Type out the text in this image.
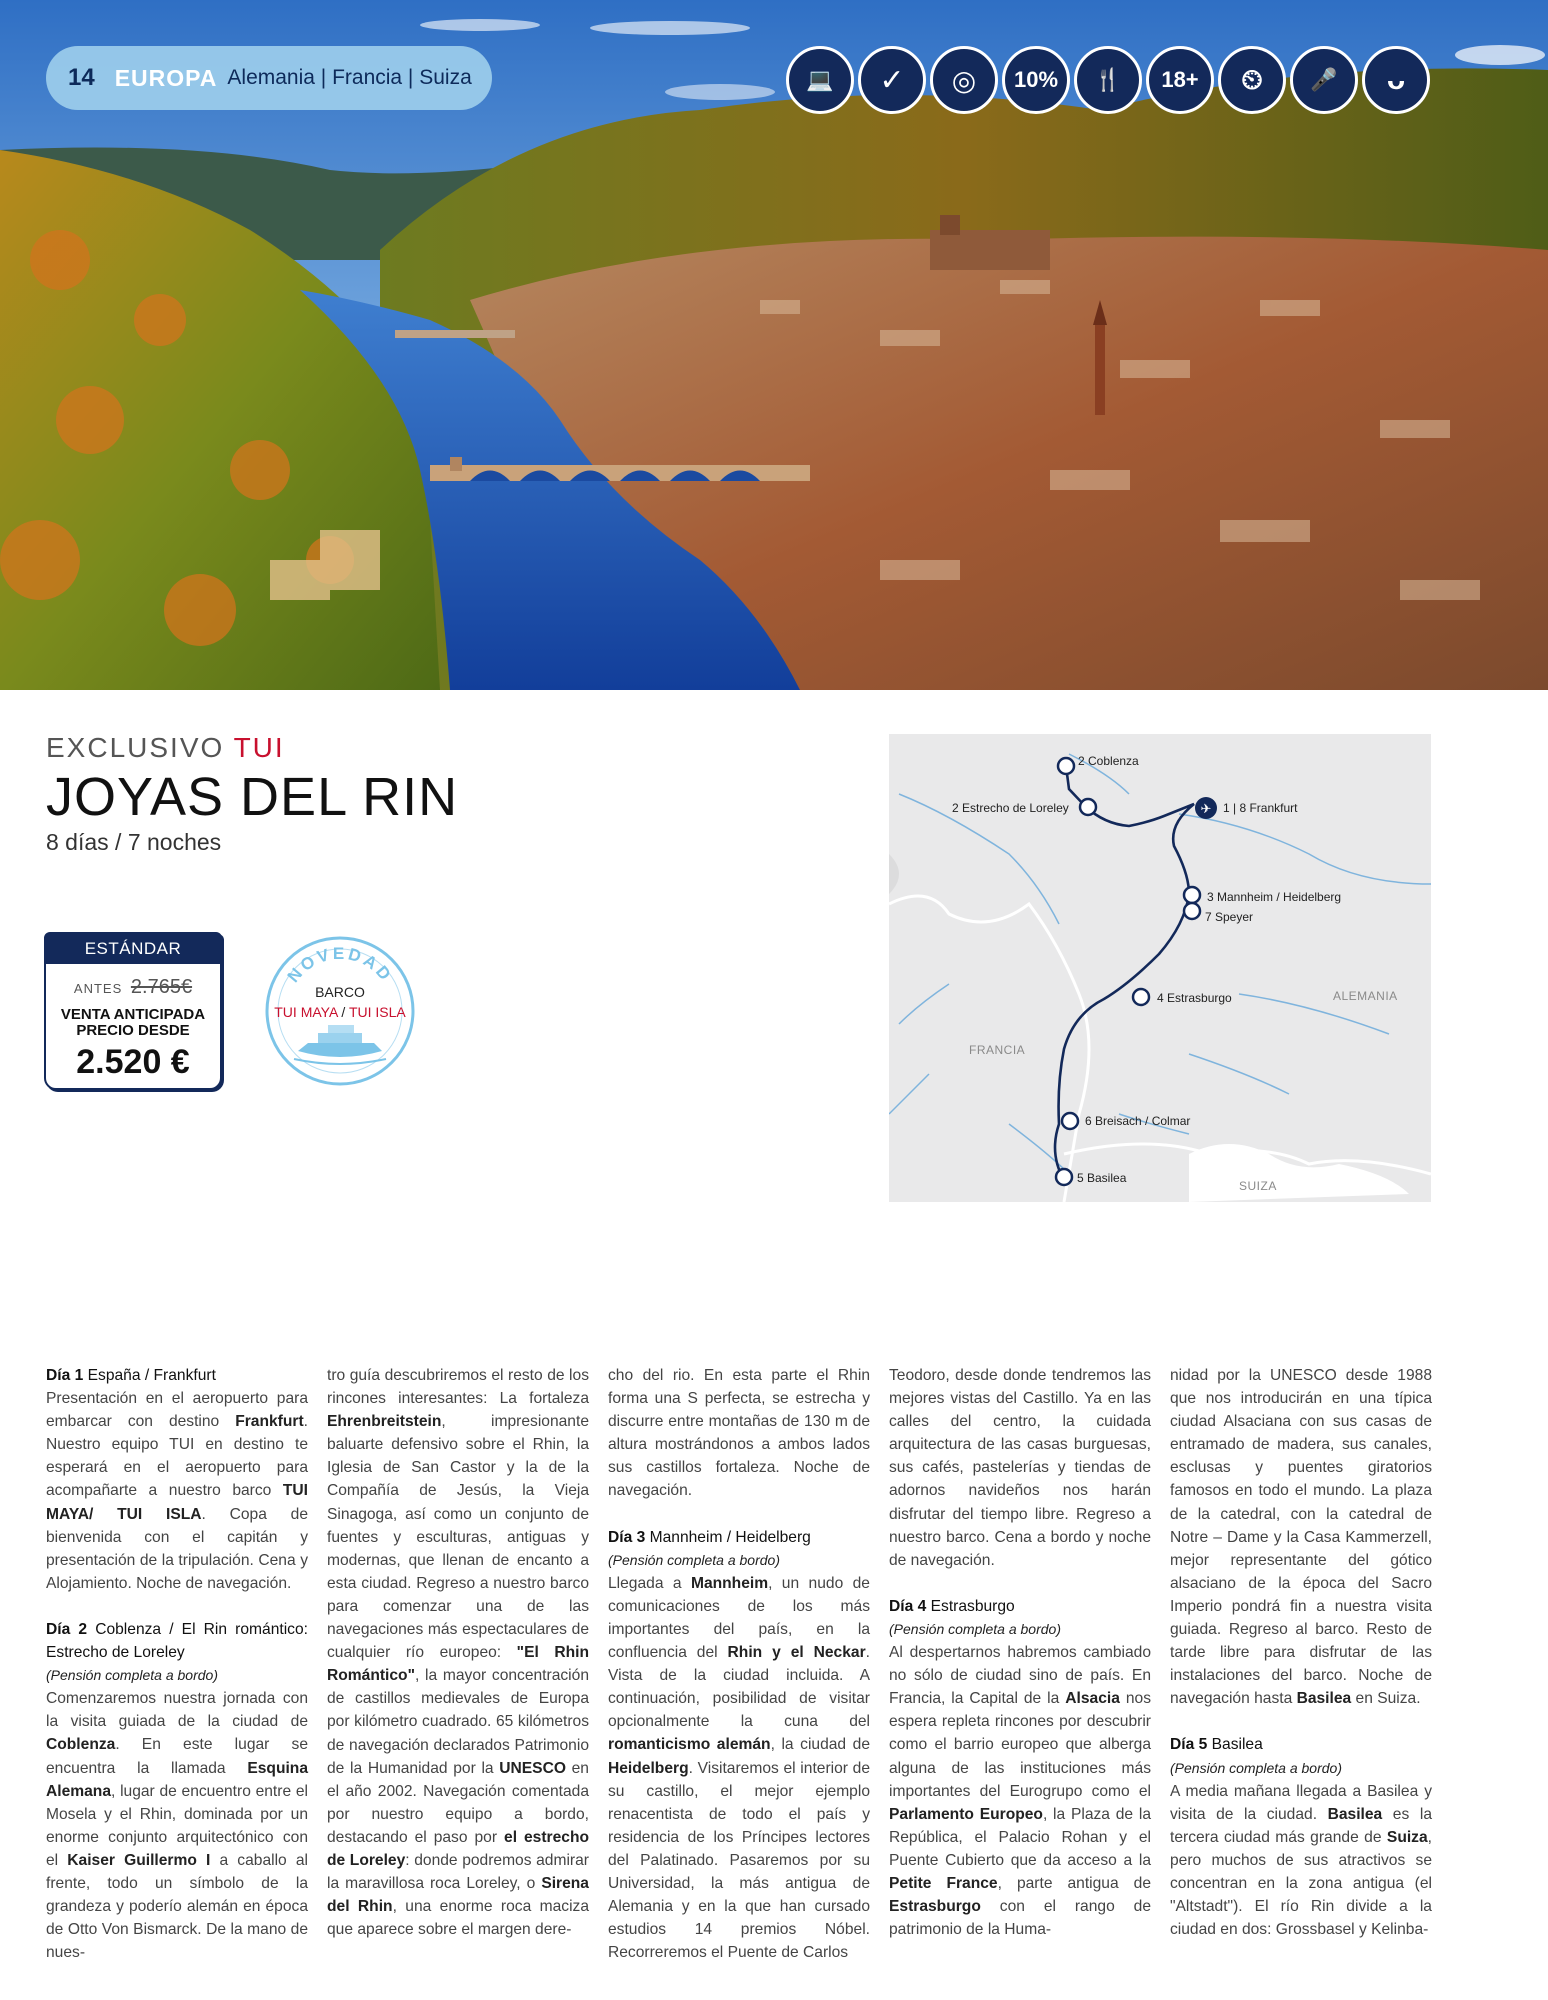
14 EUROPA Alemania | Francia | Suiza	💻	✓	◎	10%	🍴	18+	⏲	🎤	ᴗ
EXCLUSIVO TUI
JOYAS DEL RIN
8 días / 7 noches
ESTÁNDAR
ANTES 2.765€
VENTA ANTICIPADA
PRECIO DESDE
2.520 €
NOVEDAD
BARCO
TUI MAYA / TUI ISLA
✈
2 Coblenza
2 Estrecho de Loreley	1 | 8 Frankfurt
3 Mannheim / Heidelberg
7 Speyer
4 Estrasburgo
6 Breisach / Colmar
5 Basilea
ALEMANIA
FRANCIA
SUIZA

Día 1 España / Frankfurt

Presentación en el aeropuerto para embarcar con destino Frankfurt. Nuestro equipo TUI en destino te esperará en el aeropuerto para acompañarte a nuestro barco TUI MAYA/ TUI ISLA. Copa de bienvenida con el capitán y presentación de la tripulación. Cena y Alojamiento. Noche de navegación.

Día 2 Coblenza / El Rin romántico: Estrecho de Loreley

(Pensión completa a bordo)

Comenzaremos nuestra jornada con la visita guiada de la ciudad de Coblenza. En este lugar se encuentra la llamada Esquina Alemana, lugar de encuentro entre el Mosela y el Rhin, dominada por un enorme conjunto arquitectónico con el Kaiser Guillermo I a caballo al frente, todo un símbolo de la grandeza y poderío alemán en época de Otto Von Bismarck. De la mano de nues-

tro guía descubriremos el resto de los rincones interesantes: La fortaleza Ehrenbreitstein, impresionante baluarte defensivo sobre el Rhin, la Iglesia de San Castor y la de la Compañía de Jesús, la Vieja Sinagoga, así como un conjunto de fuentes y esculturas, antiguas y modernas, que llenan de encanto a esta ciudad. Regreso a nuestro barco para comenzar una de las navegaciones más espectaculares de cualquier río europeo: "El Rhin Romántico", la mayor concentración de castillos medievales de Europa por kilómetro cuadrado. 65 kilómetros de navegación declarados Patrimonio de la Humanidad por la UNESCO en el año 2002. Navegación comentada por nuestro equipo a bordo, destacando el paso por el estrecho de Loreley: donde podremos admirar la maravillosa roca Loreley, o Sirena del Rhin, una enorme roca maciza que aparece sobre el margen dere-

cho del rio. En esta parte el Rhin forma una S perfecta, se estrecha y discurre entre montañas de 130 m de altura mostrándonos a ambos lados sus castillos fortaleza. Noche de navegación.

Día 3 Mannheim / Heidelberg

(Pensión completa a bordo)

Llegada a Mannheim, un nudo de comunicaciones de los más importantes del país, en la confluencia del Rhin y el Neckar. Vista de la ciudad incluida. A continuación, posibilidad de visitar opcionalmente la cuna del romanticismo alemán, la ciudad de Heidelberg. Visitaremos el interior de su castillo, el mejor ejemplo renacentista de todo el país y residencia de los Príncipes lectores del Palatinado. Pasaremos por su Universidad, la más antigua de Alemania y en la que han cursado estudios 14 premios Nóbel. Recorreremos el Puente de Carlos

Teodoro, desde donde tendremos las mejores vistas del Castillo. Ya en las calles del centro, la cuidada arquitectura de las casas burguesas, sus cafés, pastelerías y tiendas de adornos navideños nos harán disfrutar del tiempo libre. Regreso a nuestro barco. Cena a bordo y noche de navegación.

Día 4 Estrasburgo

(Pensión completa a bordo)

Al despertarnos habremos cambiado no sólo de ciudad sino de país. En Francia, la Capital de la Alsacia nos espera repleta rincones por descubrir como el barrio europeo que alberga alguna de las instituciones más importantes del Eurogrupo como el Parlamento Europeo, la Plaza de la República, el Palacio Rohan y el Puente Cubierto que da acceso a la Petite France, parte antigua de Estrasburgo con el rango de patrimonio de la Huma-

nidad por la UNESCO desde 1988 que nos introducirán en una típica ciudad Alsaciana con sus casas de entramado de madera, sus canales, esclusas y puentes giratorios famosos en todo el mundo. La plaza de la catedral, con la catedral de Notre – Dame y la Casa Kammerzell, mejor representante del gótico alsaciano de la época del Sacro Imperio pondrá fin a nuestra visita guiada. Regreso al barco. Resto de tarde libre para disfrutar de las instalaciones del barco. Noche de navegación hasta Basilea en Suiza.

Día 5 Basilea

(Pensión completa a bordo)

A media mañana llegada a Basilea y visita de la ciudad. Basilea es la tercera ciudad más grande de Suiza, pero muchos de sus atractivos se concentran en la zona antigua (el "Altstadt"). El río Rin divide a la ciudad en dos: Grossbasel y Kelinba-
